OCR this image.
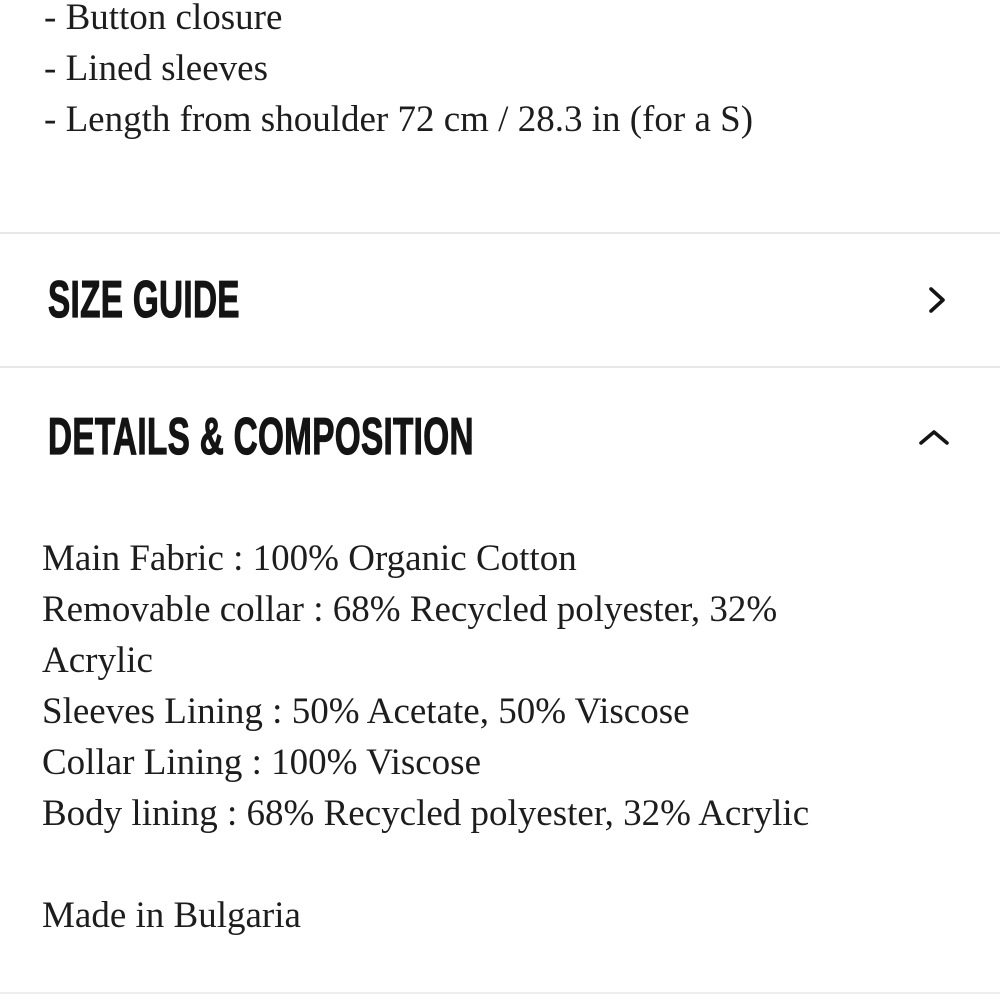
- Button closure
- Lined sleeves
- Length from shoulder 72 cm / 28.3 in (for a S)
SIZE GUIDE
DETAILS & COMPOSITION
Main Fabric : 100% Organic Cotton
Removable collar : 68% Recycled polyester, 32% Acrylic
Sleeves Lining : 50% Acetate, 50% Viscose
Collar Lining : 100% Viscose
Body lining : 68% Recycled polyester, 32% Acrylic
Made in Bulgaria
